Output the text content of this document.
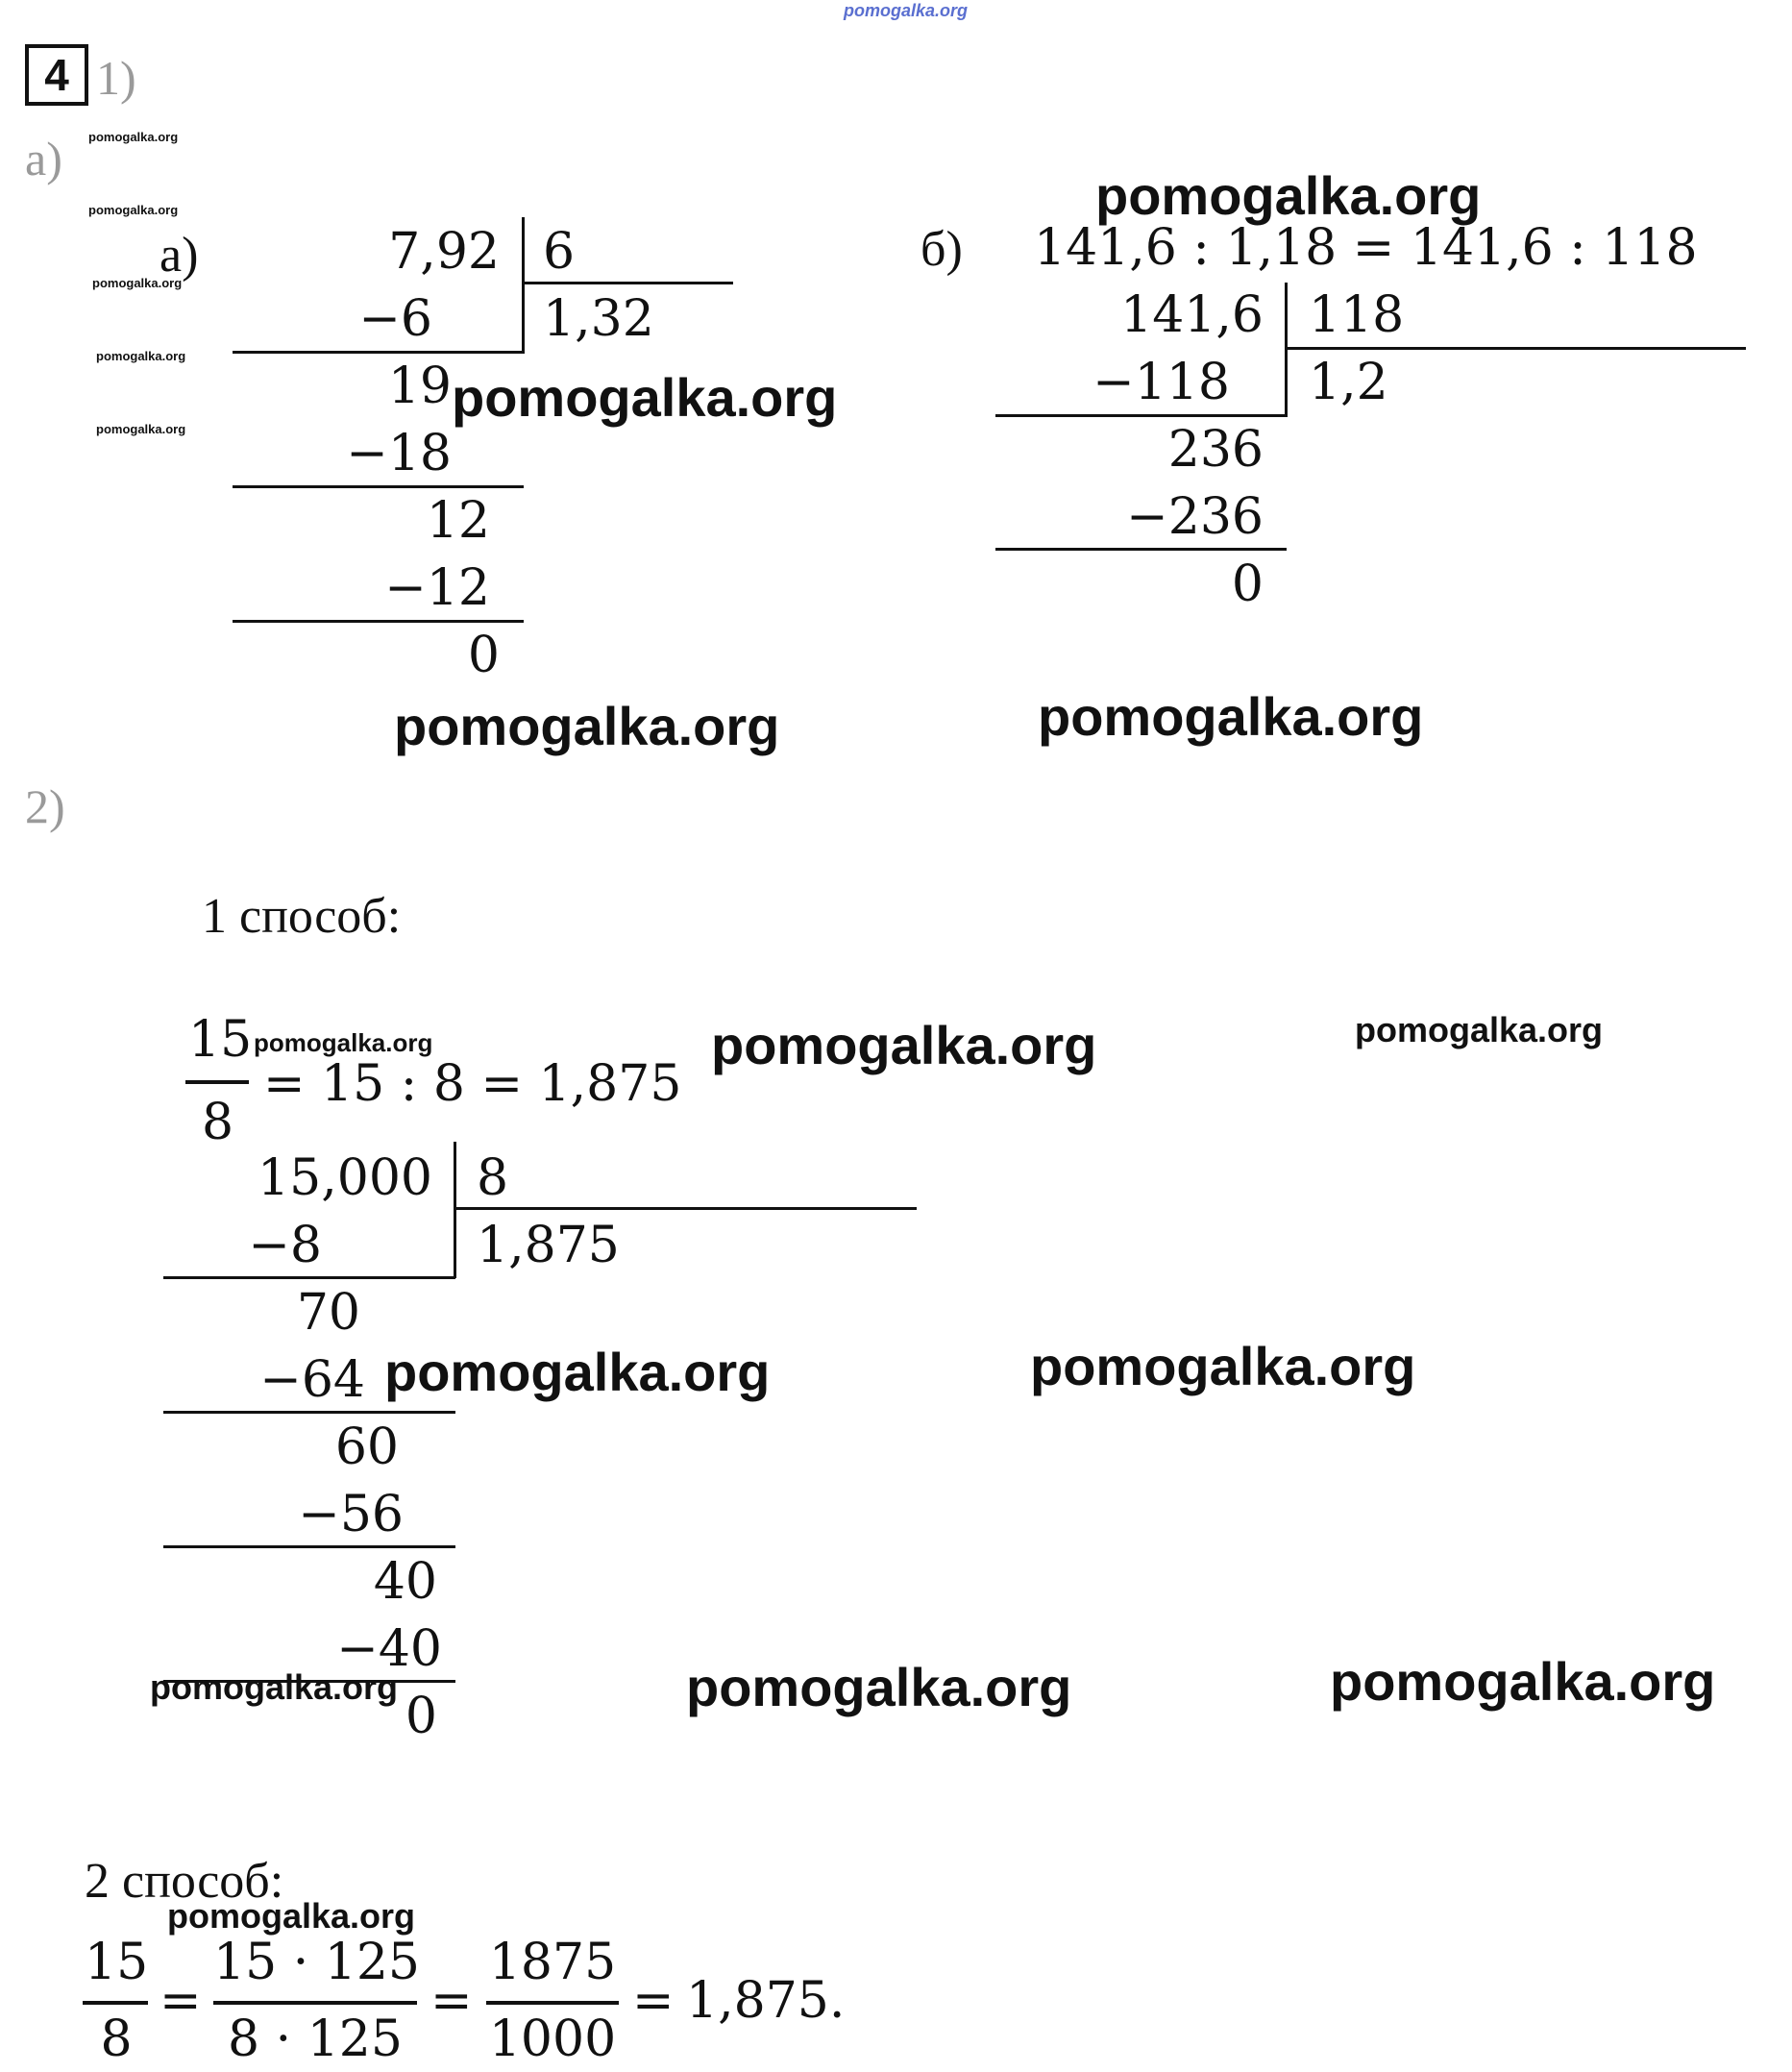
pomogalka.org
4 1)
а) pomogalka.org
pomogalka.org
pomogalka.org
pomogalka.org
pomogalka.org
а)	7,92 6
1,32
−6
19
−18
12
−12
0
pomogalka.org
pomogalka.org
pomogalka.org
б) 141,6 : 1,18 = 141,6 : 118
141,6 118
1,2
−118
236
−236
0
pomogalka.org
2)
1 способ:
15
8
= 15 : 8 = 1,875
pomogalka.org	pomogalka.org	pomogalka.org
15,000 8
1,875
−8
70
−64
60
−56
40
−40
0
pomogalka.org	pomogalka.org
pomogalka.org	pomogalka.org	pomogalka.org
2 способ:
pomogalka.org
15
8
=
15 · 125
8 · 125
=
1875
1000
= 1,875.
